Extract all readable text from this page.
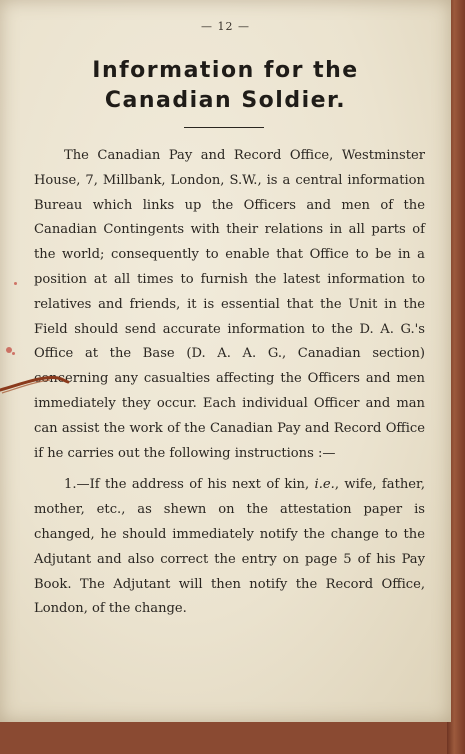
— 12 —
Information for the
Canadian Soldier.

The Canadian Pay and Record Office, Westminster House, 7, Millbank, London, S.W., is a central information Bureau which links up the Officers and men of the Canadian Contingents with their relations in all parts of the world; consequently to enable that Office to be in a position at all times to furnish the latest information to relatives and friends, it is essential that the Unit in the Field should send accurate information to the D. A. G.'s Office at the Base (D. A. A. G., Canadian section) concerning any casualties affecting the Officers and men immediately they occur. Each individual Officer and man can assist the work of the Canadian Pay and Record Office if he carries out the following instructions :—

1.—If the address of his next of kin, i.e., wife, father, mother, etc., as shewn on the attestation paper is changed, he should immediately notify the change to the Adjutant and also correct the entry on page 5 of his Pay Book. The Adjutant will then notify the Record Office, London, of the change.
